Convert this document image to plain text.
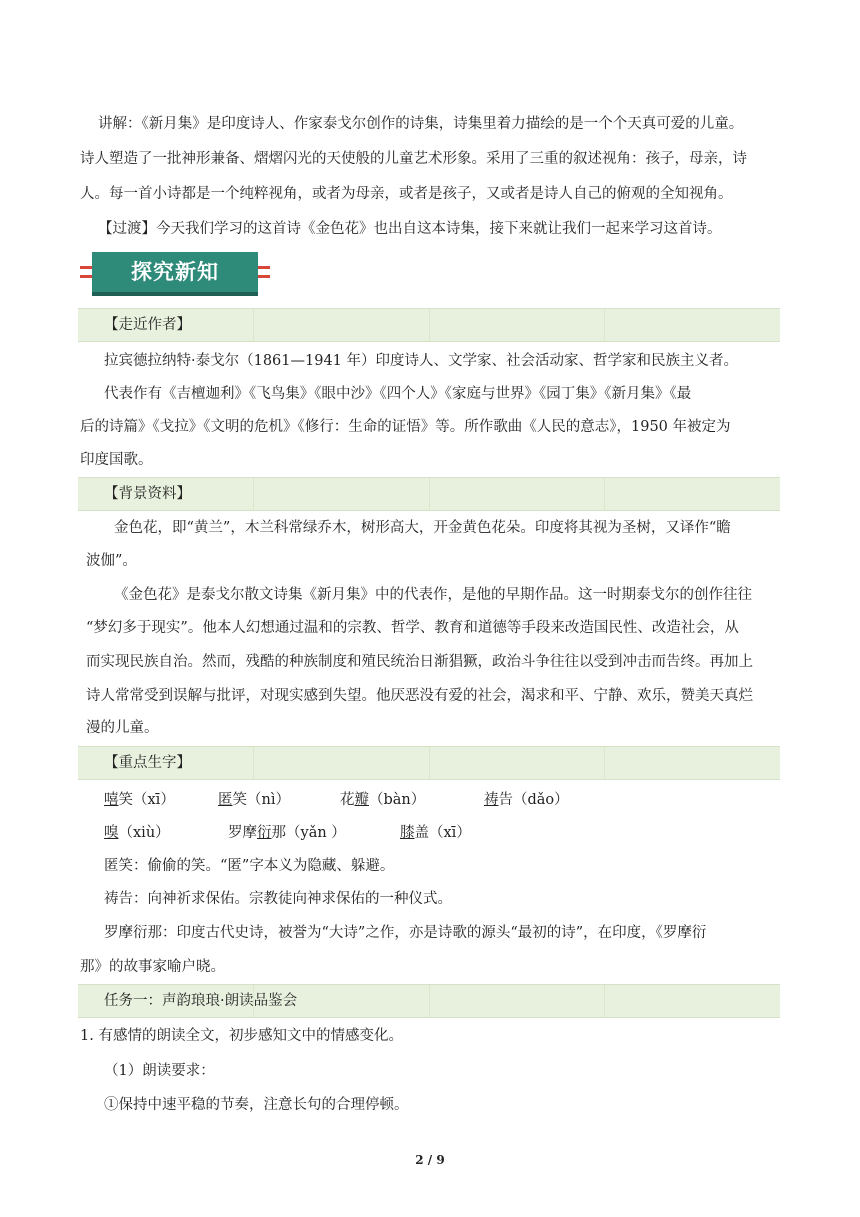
讲解：《新月集》是印度诗人、作家泰戈尔创作的诗集，诗集里着力描绘的是一个个天真可爱的儿童。
诗人塑造了一批神形兼备、熠熠闪光的天使般的儿童艺术形象。采用了三重的叙述视角：孩子，母亲，诗
人。每一首小诗都是一个纯粹视角，或者为母亲，或者是孩子，又或者是诗人自己的俯观的全知视角。
【过渡】今天我们学习的这首诗《金色花》也出自这本诗集，接下来就让我们一起来学习这首诗。
探究新知
【走近作者】
拉宾德拉纳特·泰戈尔（1861—1941 年）印度诗人、文学家、社会活动家、哲学家和民族主义者。
代表作有《吉檀迦利》《飞鸟集》《眼中沙》《四个人》《家庭与世界》《园丁集》《新月集》《最
后的诗篇》《戈拉》《文明的危机》《修行：生命的证悟》等。所作歌曲《人民的意志》，1950 年被定为
印度国歌。
【背景资料】
金色花，即“黄兰”，木兰科常绿乔木，树形高大，开金黄色花朵。印度将其视为圣树，又译作“瞻
波伽”。
《金色花》是泰戈尔散文诗集《新月集》中的代表作，是他的早期作品。这一时期泰戈尔的创作往往
“梦幻多于现实”。他本人幻想通过温和的宗教、哲学、教育和道德等手段来改造国民性、改造社会，从
而实现民族自治。然而，残酷的种族制度和殖民统治日渐猖獗，政治斗争往往以受到冲击而告终。再加上
诗人常常受到误解与批评，对现实感到失望。他厌恶没有爱的社会，渴求和平、宁静、欢乐，赞美天真烂
漫的儿童。
【重点生字】
嘻笑（xī）	匿笑（nì）	花瓣（bàn）	祷告（dǎo）
嗅（xiù）	罗摩衍那（yǎn ）	膝盖（xī）
匿笑：偷偷的笑。“匿”字本义为隐藏、躲避。
祷告：向神祈求保佑。宗教徒向神求保佑的一种仪式。
罗摩衍那：印度古代史诗，被誉为“大诗”之作，亦是诗歌的源头“最初的诗”，在印度，《罗摩衍
那》的故事家喻户晓。
任务一：声韵琅琅·朗读品鉴会
1. 有感情的朗读全文，初步感知文中的情感变化。
（1）朗读要求：
①保持中速平稳的节奏，注意长句的合理停顿。
2 / 9
